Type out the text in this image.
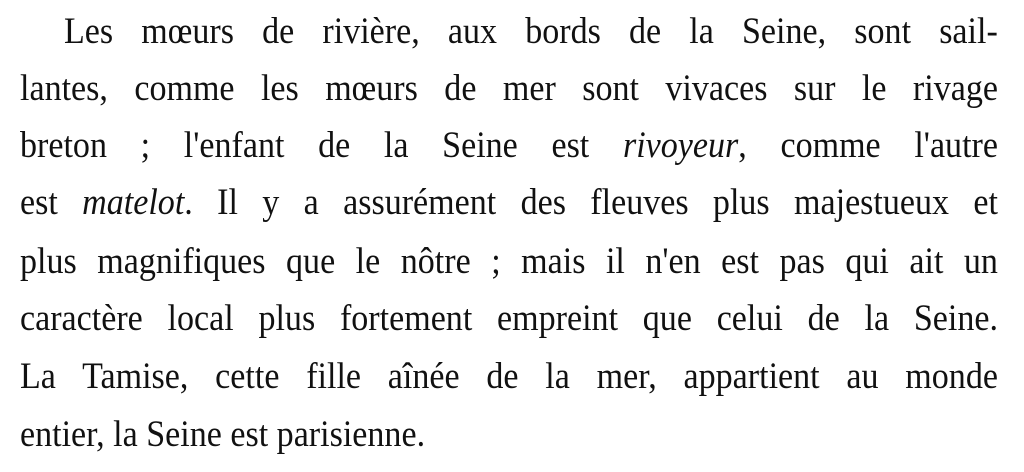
Les mœurs de rivière, aux bords de la Seine, sont sail-

lantes, comme les mœurs de mer sont vivaces sur le rivage

breton ; l'enfant de la Seine est rivoyeur, comme l'autre

est matelot. Il y a assurément des fleuves plus majestueux et

plus magnifiques que le nôtre ; mais il n'en est pas qui ait un

caractère local plus fortement empreint que celui de la Seine.

La Tamise, cette fille aînée de la mer, appartient au monde

entier, la Seine est parisienne.
